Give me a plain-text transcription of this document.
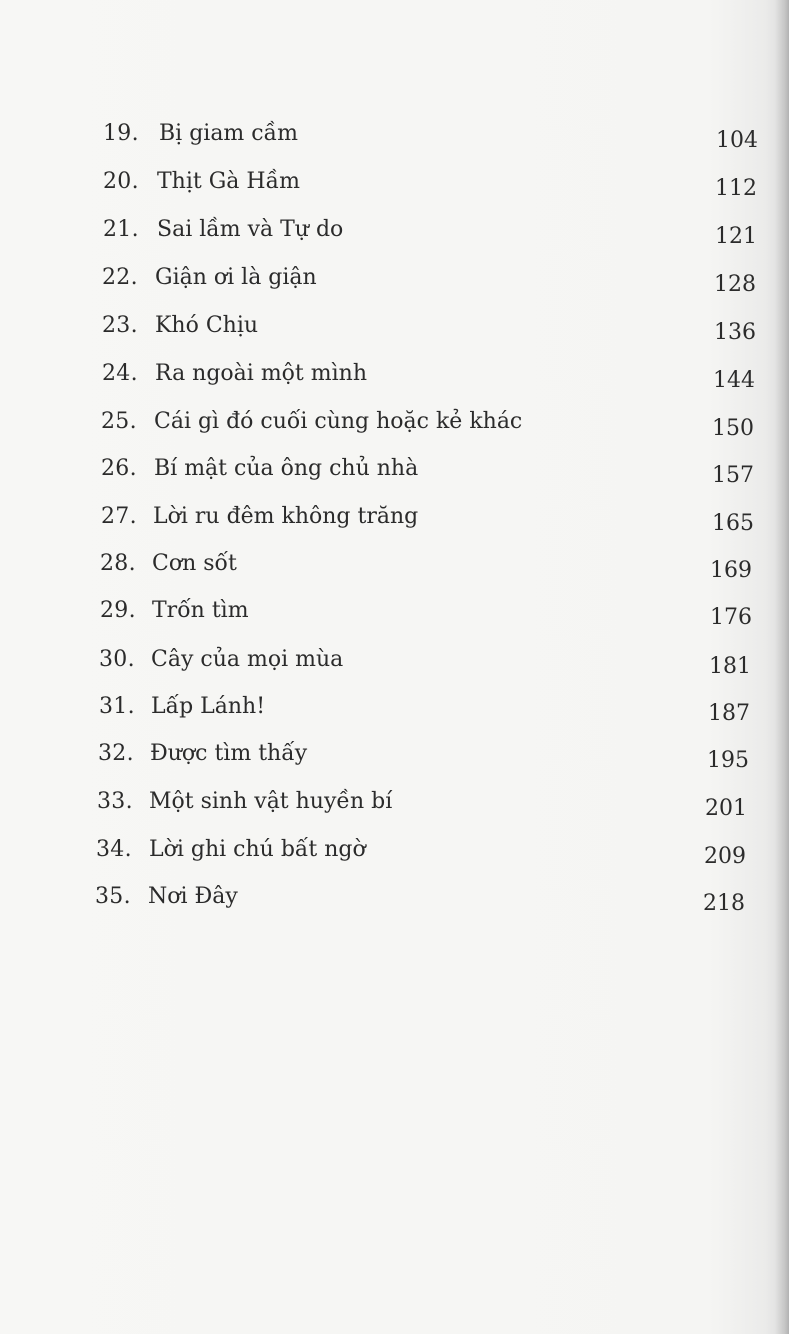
19. Bị giam cầm	104
20. Thịt Gà Hầm	112
21. Sai lầm và Tự do	121
22. Giận ơi là giận	128
23. Khó Chịu	136
24. Ra ngoài một mình	144
25. Cái gì đó cuối cùng hoặc kẻ khác	150
26. Bí mật của ông chủ nhà	157
27. Lời ru đêm không trăng	165
28. Cơn sốt	169
29. Trốn tìm	176
30. Cây của mọi mùa	181
31. Lấp Lánh!	187
32. Được tìm thấy	195
33. Một sinh vật huyền bí	201
34. Lời ghi chú bất ngờ	209
35. Nơi Đây	218
